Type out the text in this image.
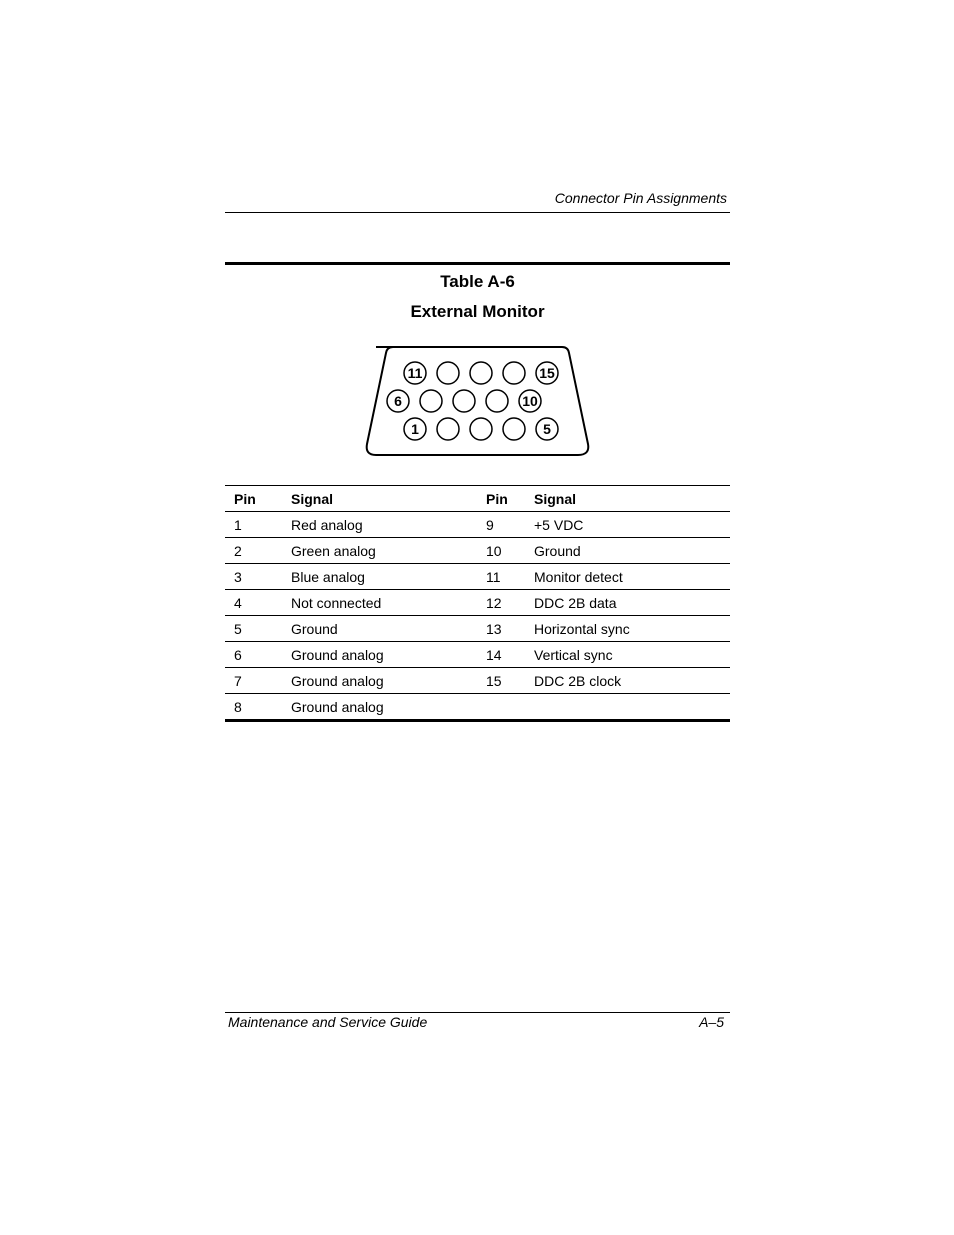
Connector Pin Assignments
Table A-6
External Monitor
11	15
6	10
1	5
Pin	Signal	Pin	Signal
1	Red analog	9	+5 VDC
2	Green analog	10	Ground
3	Blue analog	11	Monitor detect
4	Not connected	12	DDC 2B data
5	Ground	13	Horizontal sync
6	Ground analog	14	Vertical sync
7	Ground analog	15	DDC 2B clock
8	Ground analog		
Maintenance and Service Guide	A–5
